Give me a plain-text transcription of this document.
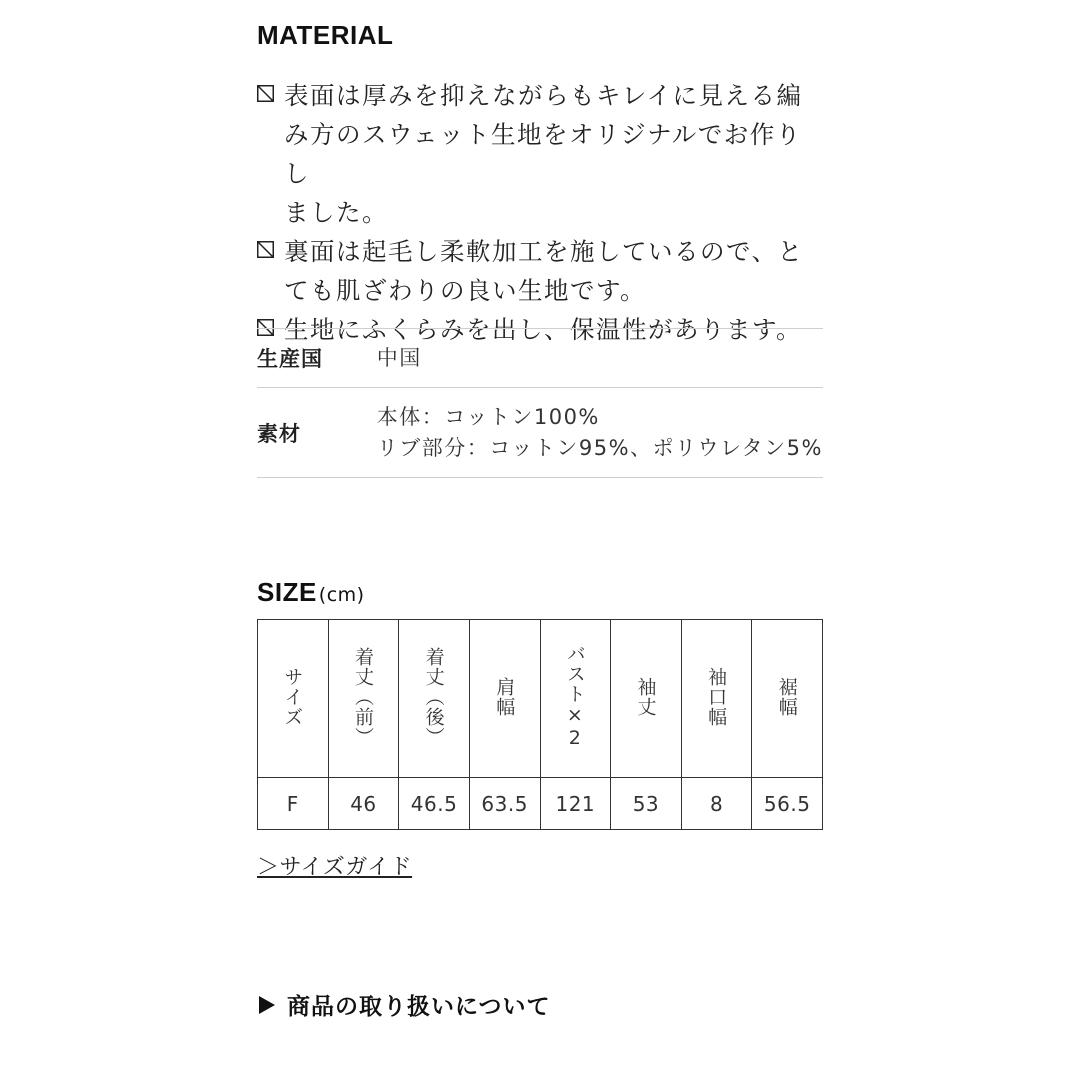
MATERIAL
表面は厚みを抑えながらもキレイに見える編
み方のスウェット生地をオリジナルでお作りし
ました。
裏面は起毛し柔軟加工を施しているので、と
ても肌ざわりの良い生地です。
生地にふくらみを出し、保温性があります。
生産国	中国
素材	本体：コットン100%
リブ部分：コットン95%、ポリウレタン5%
SIZE (cm)
サイズ	着丈（前）	着丈（後）	肩幅	バスト×2	袖丈	袖口幅	裾幅
F	46	46.5	63.5	121	53	8	56.5
＞サイズガイド
商品の取り扱いについて
